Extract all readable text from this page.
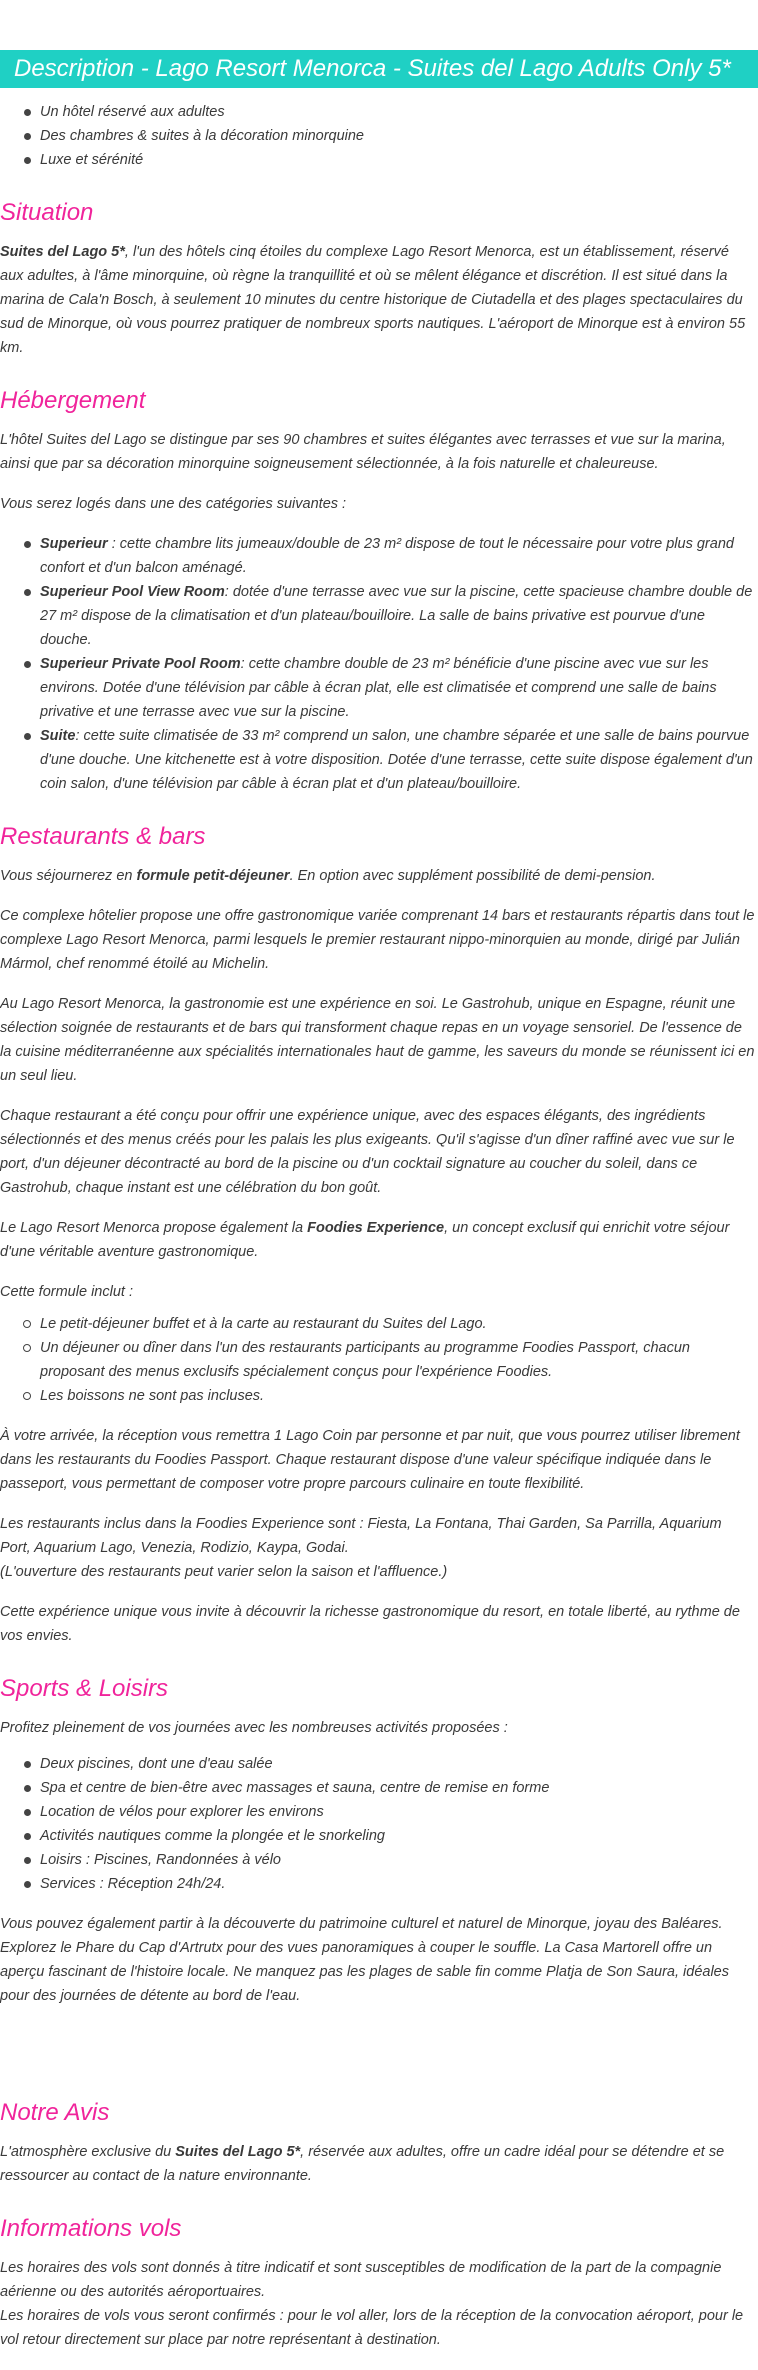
Description - Lago Resort Menorca - Suites del Lago Adults Only 5*
Un hôtel réservé aux adultes
Des chambres & suites à la décoration minorquine
Luxe et sérénité
Situation

Suites del Lago 5*, l'un des hôtels cinq étoiles du complexe Lago Resort Menorca, est un établissement, réservé aux adultes, à l'âme minorquine, où règne la tranquillité et où se mêlent élégance et discrétion. Il est situé dans la marina de Cala'n Bosch, à seulement 10 minutes du centre historique de Ciutadella et des plages spectaculaires du sud de Minorque, où vous pourrez pratiquer de nombreux sports nautiques. L'aéroport de Minorque est à environ 55 km.

Hébergement

L'hôtel Suites del Lago se distingue par ses 90 chambres et suites élégantes avec terrasses et vue sur la marina, ainsi que par sa décoration minorquine soigneusement sélectionnée, à la fois naturelle et chaleureuse.

Vous serez logés dans une des catégories suivantes :

Superieur : cette chambre lits jumeaux/double de 23 m² dispose de tout le nécessaire pour votre plus grand confort et d'un balcon aménagé.
Superieur Pool View Room: dotée d'une terrasse avec vue sur la piscine, cette spacieuse chambre double de 27 m² dispose de la climatisation et d'un plateau/bouilloire. La salle de bains privative est pourvue d'une douche.
Superieur Private Pool Room: cette chambre double de 23 m² bénéficie d'une piscine avec vue sur les environs. Dotée d'une télévision par câble à écran plat, elle est climatisée et comprend une salle de bains privative et une terrasse avec vue sur la piscine.
Suite: cette suite climatisée de 33 m² comprend un salon, une chambre séparée et une salle de bains pourvue d'une douche. Une kitchenette est à votre disposition. Dotée d'une terrasse, cette suite dispose également d'un coin salon, d'une télévision par câble à écran plat et d'un plateau/bouilloire.
Restaurants & bars

Vous séjournerez en formule petit-déjeuner. En option avec supplément possibilité de demi-pension.

Ce complexe hôtelier propose une offre gastronomique variée comprenant 14 bars et restaurants répartis dans tout le complexe Lago Resort Menorca, parmi lesquels le premier restaurant nippo-minorquien au monde, dirigé par Julián Mármol, chef renommé étoilé au Michelin.

Au Lago Resort Menorca, la gastronomie est une expérience en soi. Le Gastrohub, unique en Espagne, réunit une sélection soignée de restaurants et de bars qui transforment chaque repas en un voyage sensoriel. De l'essence de la cuisine méditerranéenne aux spécialités internationales haut de gamme, les saveurs du monde se réunissent ici en un seul lieu.

Chaque restaurant a été conçu pour offrir une expérience unique, avec des espaces élégants, des ingrédients sélectionnés et des menus créés pour les palais les plus exigeants. Qu'il s'agisse d'un dîner raffiné avec vue sur le port, d'un déjeuner décontracté au bord de la piscine ou d'un cocktail signature au coucher du soleil, dans ce Gastrohub, chaque instant est une célébration du bon goût.

Le Lago Resort Menorca propose également la Foodies Experience, un concept exclusif qui enrichit votre séjour d'une véritable aventure gastronomique.

Cette formule inclut :

Le petit-déjeuner buffet et à la carte au restaurant du Suites del Lago.
Un déjeuner ou dîner dans l'un des restaurants participants au programme Foodies Passport, chacun proposant des menus exclusifs spécialement conçus pour l'expérience Foodies.
Les boissons ne sont pas incluses.

À votre arrivée, la réception vous remettra 1 Lago Coin par personne et par nuit, que vous pourrez utiliser librement dans les restaurants du Foodies Passport. Chaque restaurant dispose d'une valeur spécifique indiquée dans le passeport, vous permettant de composer votre propre parcours culinaire en toute flexibilité.

Les restaurants inclus dans la Foodies Experience sont : Fiesta, La Fontana, Thai Garden, Sa Parrilla, Aquarium Port, Aquarium Lago, Venezia, Rodizio, Kaypa, Godai.
(L'ouverture des restaurants peut varier selon la saison et l'affluence.)

Cette expérience unique vous invite à découvrir la richesse gastronomique du resort, en totale liberté, au rythme de vos envies.

Sports & Loisirs

Profitez pleinement de vos journées avec les nombreuses activités proposées :

Deux piscines, dont une d'eau salée
Spa et centre de bien-être avec massages et sauna, centre de remise en forme
Location de vélos pour explorer les environs
Activités nautiques comme la plongée et le snorkeling
Loisirs : Piscines, Randonnées à vélo
Services : Réception 24h/24.

Vous pouvez également partir à la découverte du patrimoine culturel et naturel de Minorque, joyau des Baléares. Explorez le Phare du Cap d'Artrutx pour des vues panoramiques à couper le souffle. La Casa Martorell offre un aperçu fascinant de l'histoire locale. Ne manquez pas les plages de sable fin comme Platja de Son Saura, idéales pour des journées de détente au bord de l'eau.

Notre Avis

L'atmosphère exclusive du Suites del Lago 5*, réservée aux adultes, offre un cadre idéal pour se détendre et se ressourcer au contact de la nature environnante.

Informations vols

Les horaires des vols sont donnés à titre indicatif et sont susceptibles de modification de la part de la compagnie aérienne ou des autorités aéroportuaires.
Les horaires de vols vous seront confirmés : pour le vol aller, lors de la réception de la convocation aéroport, pour le vol retour directement sur place par notre représentant à destination.
